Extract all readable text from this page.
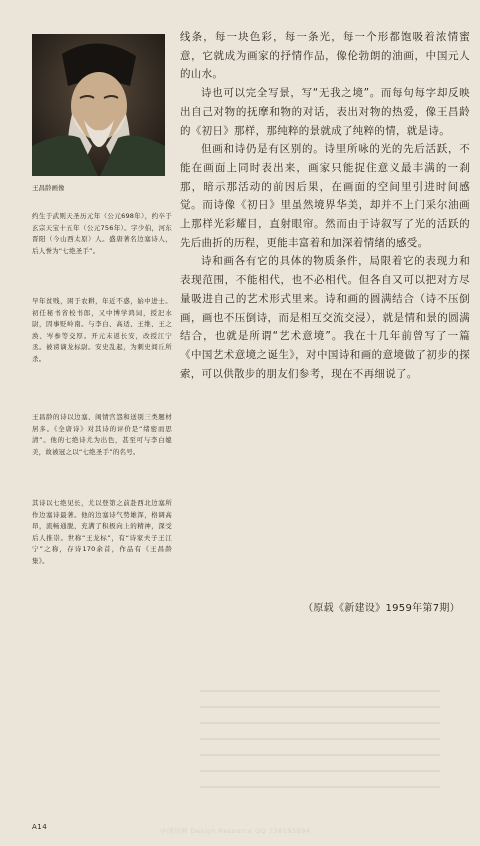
王昌龄画像
约生于武则天圣历元年（公元698年），约卒于玄宗天宝十五年（公元756年）。字少伯，河东晋阳（今山西太原）人。盛唐著名边塞诗人，后人誉为“七绝圣手”。
早年贫贱，困于农耕，年近不惑，始中进士。初任秘书省校书郎，又中博学鸿词，授汜水尉，因事贬岭南。与李白、高适、王维、王之涣、岑参等交厚。开元末返长安，改授江宁丞。被谤谪龙标尉。安史乱起，为刺史闾丘所杀。
王昌龄的诗以边塞、闺情宫怨和送别三类题材居多。《全唐诗》对其诗的评价是“绪密而思清”。他的七绝诗尤为出色，甚至可与李白媲美，故被冠之以“七绝圣手”的名号。
其诗以七绝见长，尤以登第之前赴西北边塞所作边塞诗最著。他的边塞诗气势雄浑，格调高昂，流畅通脱，充满了积极向上的精神，深受后人推崇。世称“王龙标”，有“诗家夫子王江宁”之称，存诗170余首，作品有《王昌龄集》。

线条，每一块色彩，每一条光，每一个形都饱吸着浓情蜜意，它就成为画家的抒情作品，像伦勃朗的油画，中国元人的山水。

诗也可以完全写景，写“无我之境”。而每句每字却反映出自己对物的抚摩和物的对话，表出对物的热爱，像王昌龄的《初日》那样，那纯粹的景就成了纯粹的情，就是诗。

但画和诗仍是有区别的。诗里所咏的光的先后活跃，不能在画面上同时表出来，画家只能捉住意义最丰满的一刹那，暗示那活动的前因后果，在画面的空间里引进时间感觉。而诗像《初日》里虽然境界华美，却并不上门采尔油画上那样光彩耀目，直射眼帘。然而由于诗叙写了光的活跃的先后曲折的历程，更能丰富着和加深着情绪的感受。

诗和画各有它的具体的物质条件，局限着它的表现力和表现范围，不能相代，也不必相代。但各自又可以把对方尽量吸进自己的艺术形式里来。诗和画的圆满结合（诗不压倒画，画也不压倒诗，而是相互交流交浸），就是情和景的圆满结合，也就是所谓“艺术意境”。我在十几年前曾写了一篇《中国艺术意境之诞生》，对中国诗和画的意境做了初步的探索，可以供散步的朋友们参考，现在不再细说了。

（原载《新建设》1959年第7期）
A14	中国知网 Design Resource QQ 738195894
